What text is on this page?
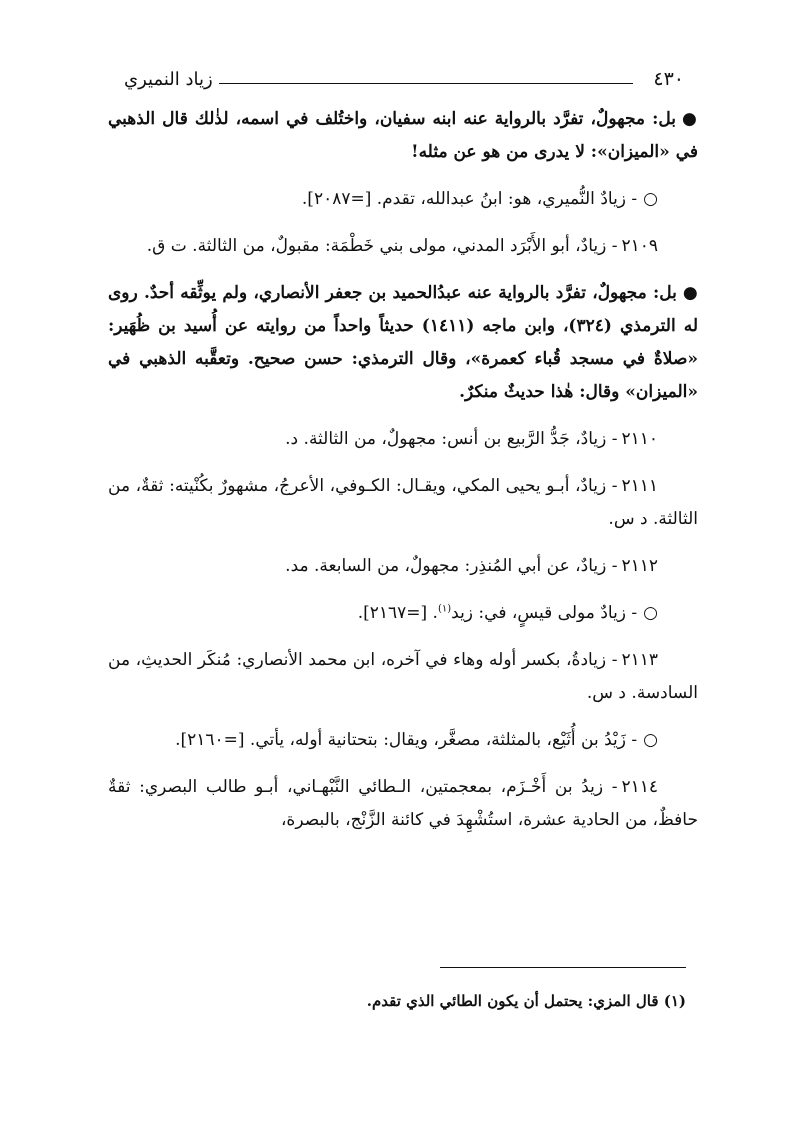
٤٣٠
زياد النميري
●بل: مجهولٌ، تفرَّد بالرواية عنه ابنه سفيان، واختُلف في اسمه، لذٰلك قال الذهبي في «الميزان»: لا يدرى من هو عن مثله!
○- زيادٌ النُّميري، هو: ابنُ عبدالله، تقدم. [=٢٠٨٧].
٢١٠٩- زيادٌ، أبو الأَبْرَد المدني، مولى بني خَطْمَة: مقبولٌ، من الثالثة. ت ق.
●بل: مجهولٌ، تفرَّد بالرواية عنه عبدُالحميد بن جعفر الأنصاري، ولم يوثِّقه أحدٌ. روى له الترمذي (٣٢٤)، وابن ماجه (١٤١١) حديثاً واحداً من روايته عن أُسيد بن ظُهَير: «صلاةٌ في مسجد قُباء كعمرة»، وقال الترمذي: حسن صحيح. وتعقَّبه الذهبي في «الميزان» وقال: هٰذا حديثٌ منكرٌ.
٢١١٠- زيادٌ، جَدُّ الرَّبيع بن أنس: مجهولٌ، من الثالثة. د.
٢١١١- زيادٌ، أبـو يحيى المكي، ويقـال: الكـوفي، الأعرجُ، مشهورٌ بكُنْيته: ثقةٌ، من الثالثة. د س.
٢١١٢- زيادٌ، عن أبي المُنذِر: مجهولٌ، من السابعة. مد.
○- زيادٌ مولى قيسٍ، في: زيد$^{(١)}$. [=٢١٦٧].
٢١١٣- زيادةُ، بكسر أوله وهاء في آخره، ابن محمد الأنصاري: مُنكَر الحديثِ، من السادسة. د س.
○- زَيْدُ بن أُثَيْع، بالمثلثة، مصغَّر، ويقال: بتحتانية أوله، يأتي. [=٢١٦٠].
٢١١٤- زيدُ بن أَخْـزَم، بمعجمتين، الـطائي النَّبْهـاني، أبـو طالب البصري: ثقةٌ حافظٌ، من الحادية عشرة، استُشْهِدَ في كائنة الزَّنْج، بالبصرة،
(١) قال المزي: يحتمل أن يكون الطائي الذي تقدم.
